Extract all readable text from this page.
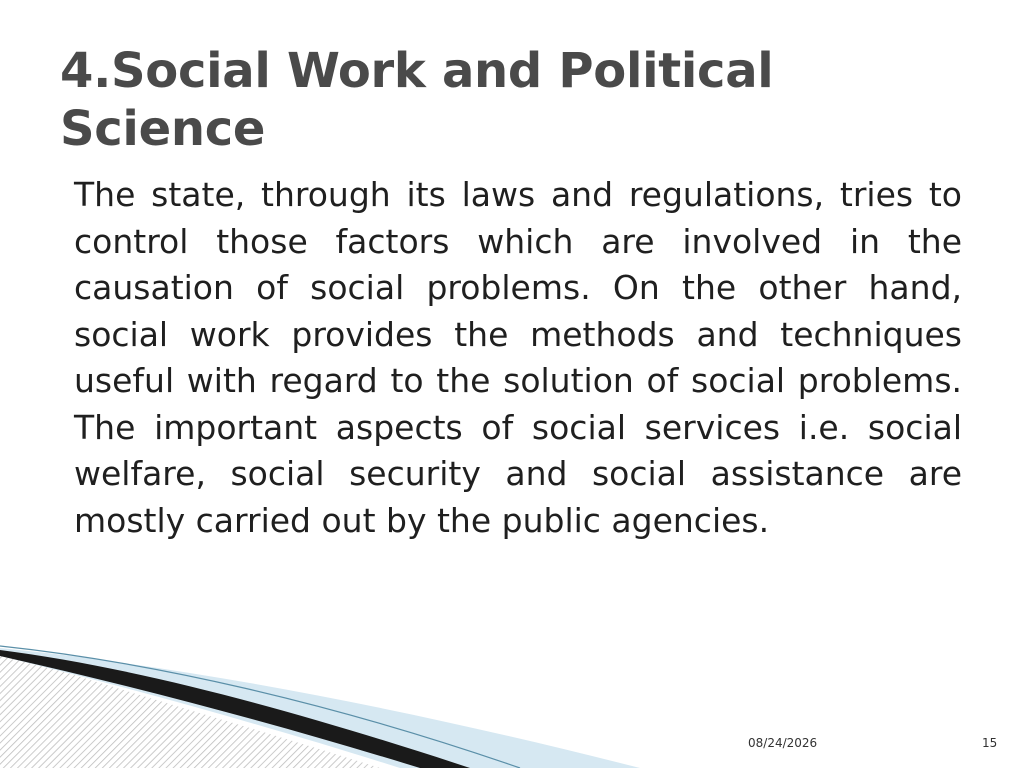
4.Social Work and Political Science

The state, through its laws and regulations, tries to control those factors which are involved in the causation of social problems. On the other hand, social work provides the methods and techniques useful with regard to the solution of social problems. The important aspects of social services i.e. social welfare, social security and social assistance are mostly carried out by the public agencies.

08/24/2026	15
